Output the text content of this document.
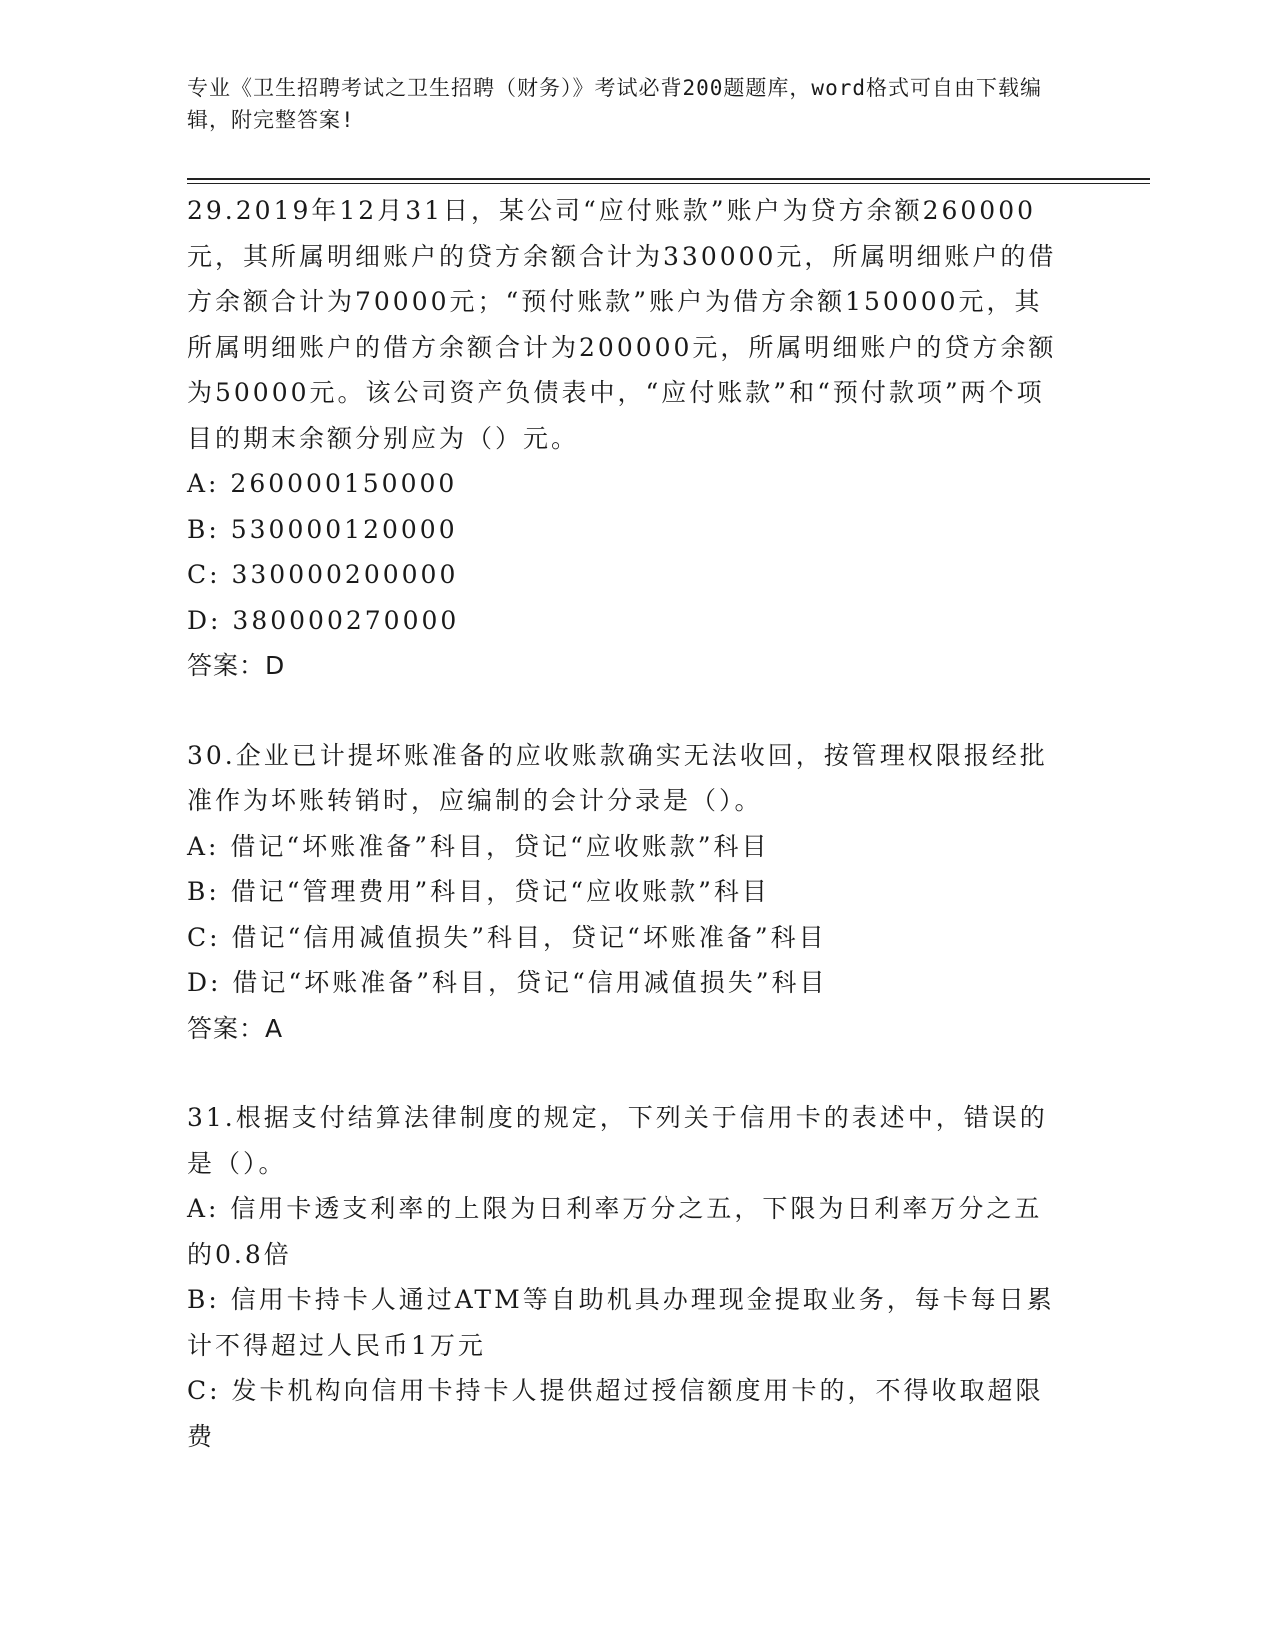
专业《卫生招聘考试之卫生招聘（财务）》考试必背200题题库，word格式可自由下载编辑，附完整答案!

29.2019年12月31日，某公司“应付账款”账户为贷方余额260000元，其所属明细账户的贷方余额合计为330000元，所属明细账户的借方余额合计为70000元；“预付账款”账户为借方余额150000元，其所属明细账户的借方余额合计为200000元，所属明细账户的贷方余额为50000元。该公司资产负债表中，“应付账款”和“预付款项”两个项目的期末余额分别应为（）元。

A: 260000150000

B: 530000120000

C: 330000200000

D: 380000270000

答案：D

30.企业已计提坏账准备的应收账款确实无法收回，按管理权限报经批准作为坏账转销时，应编制的会计分录是（）。

A: 借记“坏账准备”科目，贷记“应收账款”科目

B: 借记“管理费用”科目，贷记“应收账款”科目

C: 借记“信用减值损失”科目，贷记“坏账准备”科目

D: 借记“坏账准备”科目，贷记“信用减值损失”科目

答案：A

31.根据支付结算法律制度的规定，下列关于信用卡的表述中，错误的是（）。

A: 信用卡透支利率的上限为日利率万分之五，下限为日利率万分之五的0.8倍

B: 信用卡持卡人通过ATM等自助机具办理现金提取业务，每卡每日累计不得超过人民币1万元

C: 发卡机构向信用卡持卡人提供超过授信额度用卡的，不得收取超限费
